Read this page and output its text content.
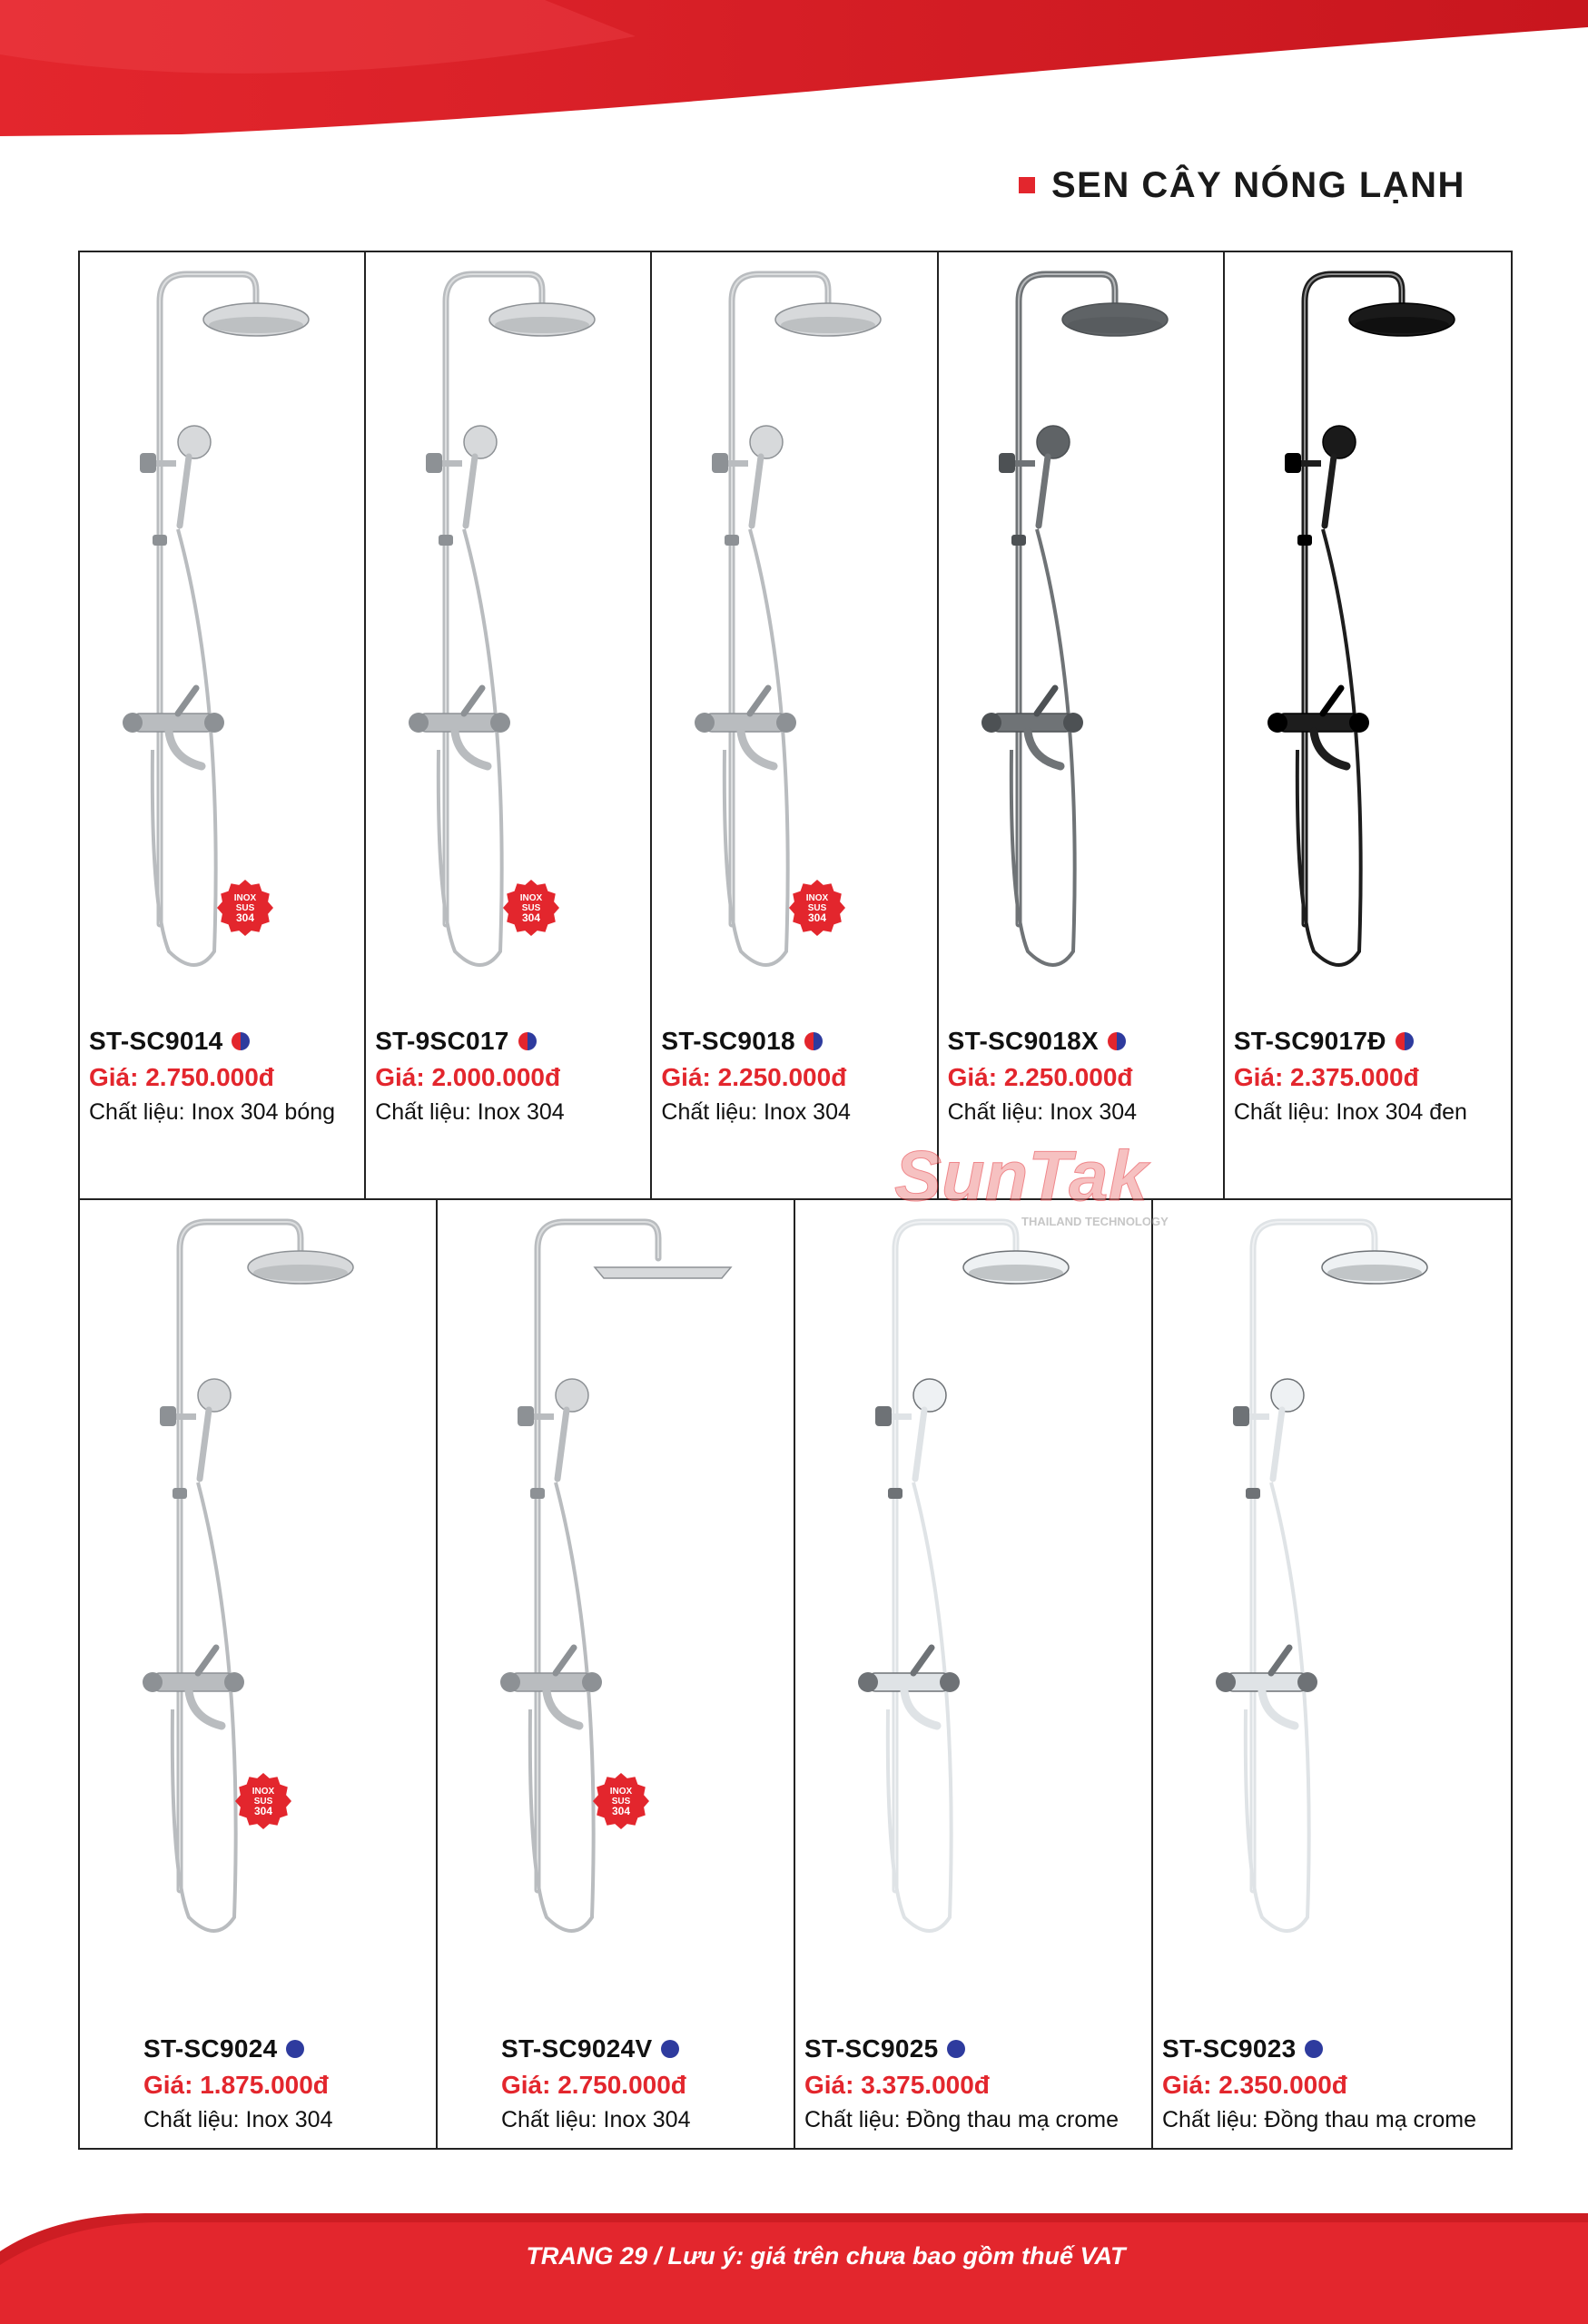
SEN CÂY NÓNG LẠNH
INOX
SUS
304
ST-SC9014
Giá: 2.750.000đ
Chất liệu: Inox 304 bóng
INOX
SUS
304
ST-9SC017
Giá: 2.000.000đ
Chất liệu: Inox 304
INOX
SUS
304
ST-SC9018
Giá: 2.250.000đ
Chất liệu: Inox 304
ST-SC9018X
Giá: 2.250.000đ
Chất liệu: Inox 304
ST-SC9017Đ
Giá: 2.375.000đ
Chất liệu: Inox 304 đen
INOX
SUS
304
ST-SC9024
Giá: 1.875.000đ
Chất liệu: Inox 304
INOX
SUS
304
ST-SC9024V
Giá: 2.750.000đ
Chất liệu: Inox 304
ST-SC9025
Giá: 3.375.000đ
Chất liệu: Đồng thau mạ crome
ST-SC9023
Giá: 2.350.000đ
Chất liệu: Đồng thau mạ crome
SunTak
THAILAND TECHNOLOGY
TRANG 29 / Lưu ý: giá trên chưa bao gồm thuế VAT
